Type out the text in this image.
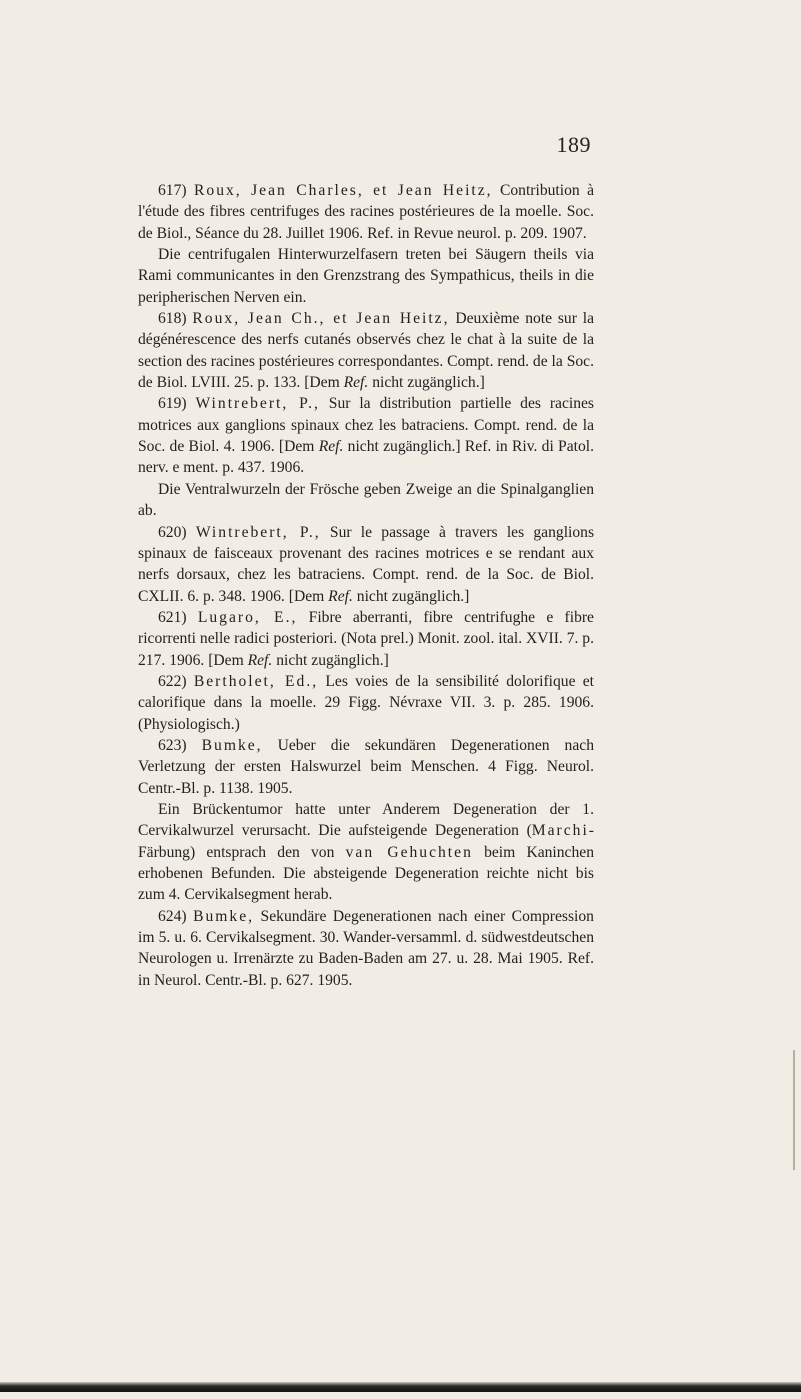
189

617) Roux, Jean Charles, et Jean Heitz, Contribution à l'étude des fibres centrifuges des racines postérieures de la moelle. Soc. de Biol., Séance du 28. Juillet 1906. Ref. in Revue neurol. p. 209. 1907.

Die centrifugalen Hinterwurzelfasern treten bei Säugern theils via Rami communicantes in den Grenzstrang des Sympathicus, theils in die peripherischen Nerven ein.

618) Roux, Jean Ch., et Jean Heitz, Deuxième note sur la dégénérescence des nerfs cutanés observés chez le chat à la suite de la section des racines postérieures correspondantes. Compt. rend. de la Soc. de Biol. LVIII. 25. p. 133. [Dem Ref. nicht zugänglich.]

619) Wintrebert, P., Sur la distribution partielle des racines motrices aux ganglions spinaux chez les batraciens. Compt. rend. de la Soc. de Biol. 4. 1906. [Dem Ref. nicht zugänglich.] Ref. in Riv. di Patol. nerv. e ment. p. 437. 1906.

Die Ventralwurzeln der Frösche geben Zweige an die Spinalganglien ab.

620) Wintrebert, P., Sur le passage à travers les ganglions spinaux de faisceaux provenant des racines motrices e se rendant aux nerfs dorsaux, chez les batraciens. Compt. rend. de la Soc. de Biol. CXLII. 6. p. 348. 1906. [Dem Ref. nicht zugänglich.]

621) Lugaro, E., Fibre aberranti, fibre centrifughe e fibre ricorrenti nelle radici posteriori. (Nota prel.) Monit. zool. ital. XVII. 7. p. 217. 1906. [Dem Ref. nicht zugänglich.]

622) Bertholet, Ed., Les voies de la sensibilité dolorifique et calorifique dans la moelle. 29 Figg. Névraxe VII. 3. p. 285. 1906. (Physiologisch.)

623) Bumke, Ueber die sekundären Degenerationen nach Verletzung der ersten Halswurzel beim Menschen. 4 Figg. Neurol. Centr.-Bl. p. 1138. 1905.

Ein Brückentumor hatte unter Anderem Degeneration der 1. Cervikalwurzel verursacht. Die aufsteigende Degeneration (Marchi-Färbung) entsprach den von van Gehuchten beim Kaninchen erhobenen Befunden. Die absteigende Degeneration reichte nicht bis zum 4. Cervikalsegment herab.

624) Bumke, Sekundäre Degenerationen nach einer Compression im 5. u. 6. Cervikalsegment. 30. Wander-versamml. d. südwestdeutschen Neurologen u. Irrenärzte zu Baden-Baden am 27. u. 28. Mai 1905. Ref. in Neurol. Centr.-Bl. p. 627. 1905.
